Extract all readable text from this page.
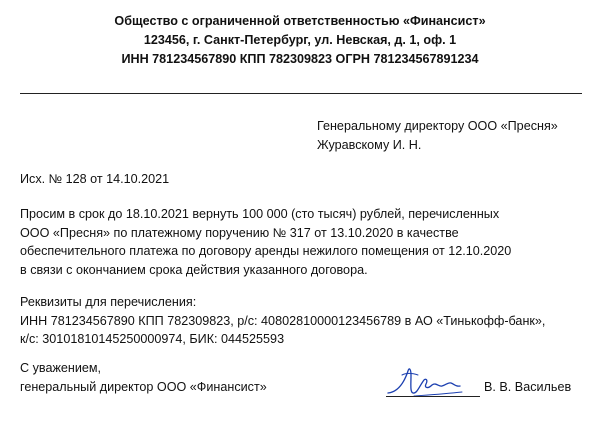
Общество с ограниченной ответственностью «Финансист»
123456, г. Санкт-Петербург, ул. Невская, д. 1, оф. 1
ИНН 781234567890 КПП 782309823 ОГРН 781234567891234
Генеральному директору ООО «Пресня»
Журавскому И. Н.
Исх. № 128 от 14.10.2021
Просим в срок до 18.10.2021 вернуть 100 000 (сто тысяч) рублей, перечисленных
ООО «Пресня» по платежному поручению № 317 от 13.10.2020 в качестве
обеспечительного платежа по договору аренды нежилого помещения от 12.10.2020
в связи с окончанием срока действия указанного договора.
Реквизиты для перечисления:
ИНН 781234567890 КПП 782309823, р/с: 40802810000123456789 в АО «Тинькофф-банк»,
к/с: 30101810145250000974, БИК: 044525593
С уважением,
генеральный директор ООО «Финансист»	В. В. Васильев
